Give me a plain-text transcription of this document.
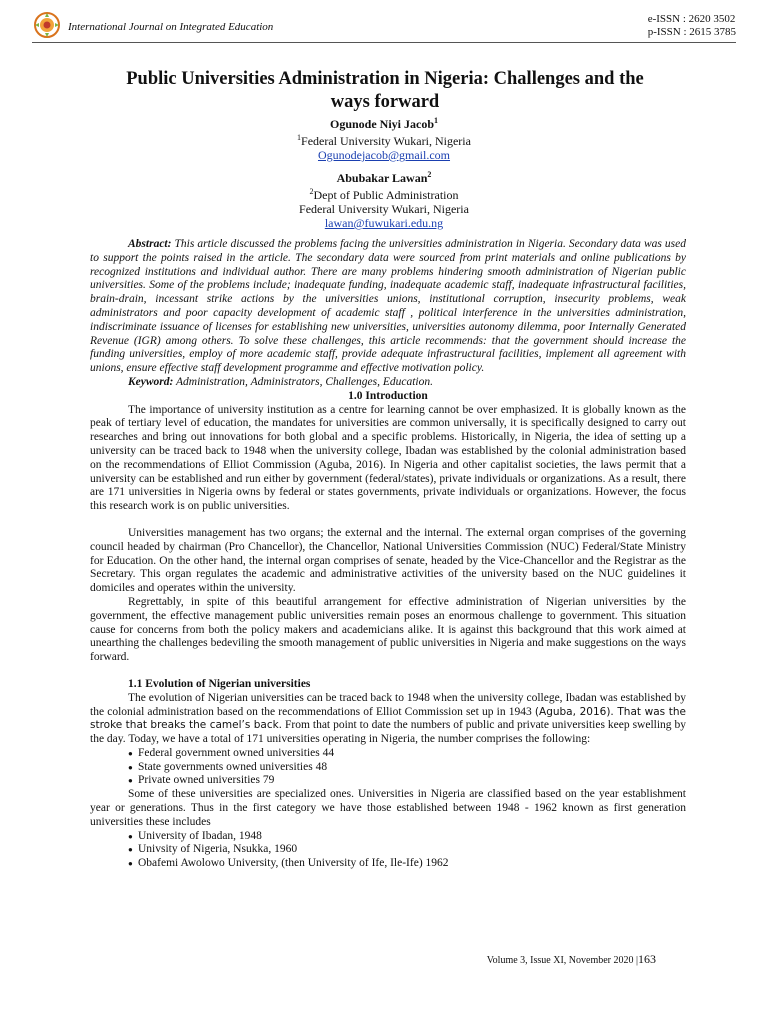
International Journal on Integrated Education
e-ISSN : 2620 3502
p-ISSN : 2615 3785
Public Universities Administration in Nigeria: Challenges and the ways forward
Ogunode Niyi Jacob$^1$
$^1$Federal University Wukari, Nigeria
Ogunodejacob@gmail.com
Abubakar Lawan$^2$
$^2$Dept of Public Administration
Federal University Wukari, Nigeria
lawan@fuwukari.edu.ng

Abstract: This article discussed the problems facing the universities administration in Nigeria. Secondary data was used to support the points raised in the article. The secondary data were sourced from print materials and online publications by recognized institutions and individual author. There are many problems hindering smooth administration of Nigerian public universities. Some of the problems include; inadequate funding, inadequate academic staff, inadequate infrastructural facilities, brain-drain, incessant strike actions by the universities unions, institutional corruption, insecurity problems, weak administrators and poor capacity development of academic staff , political interference in the universities administration, indiscriminate issuance of licenses for establishing new universities, universities autonomy dilemma, poor Internally Generated Revenue (IGR) among others. To solve these challenges, this article recommends: that the government should increase the funding universities, employ of more academic staff, provide adequate infrastructural facilities, implement all agreement with unions, ensure effective staff development programme and effective motivation policy.

Keyword: Administration, Administrators, Challenges, Education.

1.0 Introduction

The importance of university institution as a centre for learning cannot be over emphasized. It is globally known as the peak of tertiary level of education, the mandates for universities are common universally, it is specifically designed to carry out researches and bring out innovations for both global and a specific problems. Historically, in Nigeria, the idea of setting up a university can be traced back to 1948 when the university college, Ibadan was established by the colonial administration based on the recommendations of Elliot Commission (Aguba, 2016). In Nigeria and other capitalist societies, the laws permit that a university can be established and run either by government (federal/states), private individuals or organizations. As a result, there are 171 universities in Nigeria owns by federal or states governments, private individuals or organizations. However, the focus this research work is on public universities.

Universities management has two organs; the external and the internal. The external organ comprises of the governing council headed by chairman (Pro Chancellor), the Chancellor, National Universities Commission (NUC) Federal/State Ministry for Education. On the other hand, the internal organ comprises of senate, headed by the Vice-Chancellor and the Registrar as the Secretary. This organ regulates the academic and administrative activities of the university based on the NUC guidelines it domiciles and operates within the university.

Regrettably, in spite of this beautiful arrangement for effective administration of Nigerian universities by the government, the effective management public universities remain poses an enormous challenge to government. This situation cause for concerns from both the policy makers and academicians alike. It is against this background that this work aimed at unearthing the challenges bedeviling the smooth management of public universities in Nigeria and make suggestions on the ways forward.

1.1 Evolution of Nigerian universities

The evolution of Nigerian universities can be traced back to 1948 when the university college, Ibadan was established by the colonial administration based on the recommendations of Elliot Commission set up in 1943 (Aguba, 2016). That was the stroke that breaks the camel’s back. From that point to date the numbers of public and private universities keep swelling by the day. Today, we have a total of 171 universities operating in Nigeria, the number comprises the following:

● Federal government owned universities 44
● State governments owned universities 48
● Private owned universities 79

Some of these universities are specialized ones. Universities in Nigeria are classified based on the year establishment year or generations. Thus in the first category we have those established between 1948 - 1962 known as first generation universities these includes

● University of Ibadan, 1948
● Univsity of Nigeria, Nsukka, 1960
● Obafemi Awolowo University, (then University of Ife, Ile-Ife) 1962
Volume 3, Issue XI, November 2020 |163
